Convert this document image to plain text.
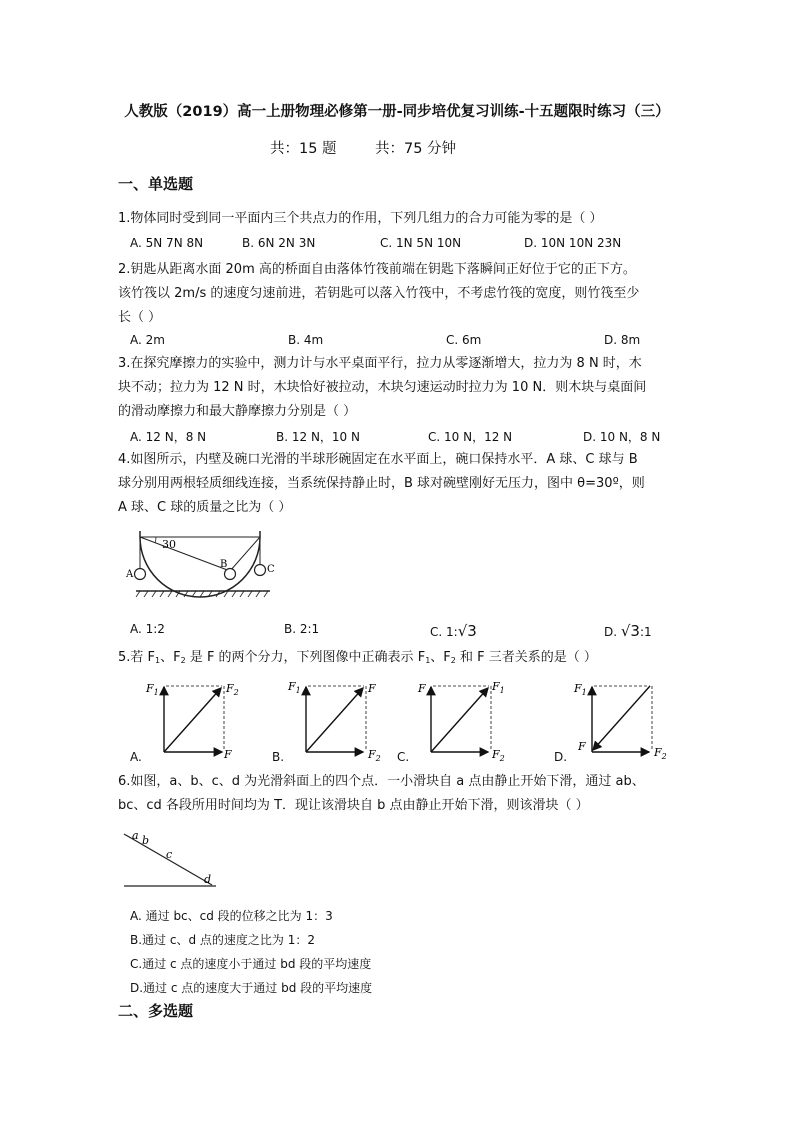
人教版（2019）高一上册物理必修第一册-同步培优复习训练-十五题限时练习（三）
共：15 题	共：75 分钟
一、单选题
1.物体同时受到同一平面内三个共点力的作用，下列几组力的合力可能为零的是（ ）
A. 5N 7N 8N	B. 6N 2N 3N	C. 1N 5N 10N	D. 10N 10N 23N
2.钥匙从距离水面 20m 高的桥面自由落体竹筏前端在钥匙下落瞬间正好位于它的正下方。
该竹筏以 2m/s 的速度匀速前进，若钥匙可以落入竹筏中，不考虑竹筏的宽度，则竹筏至少
长（ ）
A. 2m	B. 4m	C. 6m	D. 8m
3.在探究摩擦力的实验中，测力计与水平桌面平行，拉力从零逐渐增大，拉力为 8 N 时，木
块不动；拉力为 12 N 时，木块恰好被拉动，木块匀速运动时拉力为 10 N．则木块与桌面间
的滑动摩擦力和最大静摩擦力分别是（ ）
A. 12 N，8 N	B. 12 N，10 N	C. 10 N，12 N	D. 10 N，8 N
4.如图所示，内壁及碗口光滑的半球形碗固定在水平面上，碗口保持水平．A 球、C 球与 B
球分别用两根轻质细线连接，当系统保持静止时，B 球对碗壁刚好无压力，图中 θ=30º，则
A 球、C 球的质量之比为（ ）
30
A
B	C
A. 1:2	B. 2:1	C. 1:√3	D. √3:1
5.若 $F_1$、$F_2$ 是 F 的两个分力，下列图像中正确表示 $F_1$、$F_2$ 和 F 三者关系的是（ ）
$F_1$	$F_2$
F
$F_1$	F
$F_2$
F	$F_1$
$F_2$
$F_1$
F	$F_2$
A.	B.	C.	D.
6.如图，a、b、c、d 为光滑斜面上的四个点．一小滑块自 a 点由静止开始下滑，通过 ab、
bc、cd 各段所用时间均为 T．现让该滑块自 b 点由静止开始下滑，则该滑块（ ）
a b
c
d
A. 通过 bc、cd 段的位移之比为 1：3
B.通过 c、d 点的速度之比为 1：2
C.通过 c 点的速度小于通过 bd 段的平均速度
D.通过 c 点的速度大于通过 bd 段的平均速度
二、多选题
